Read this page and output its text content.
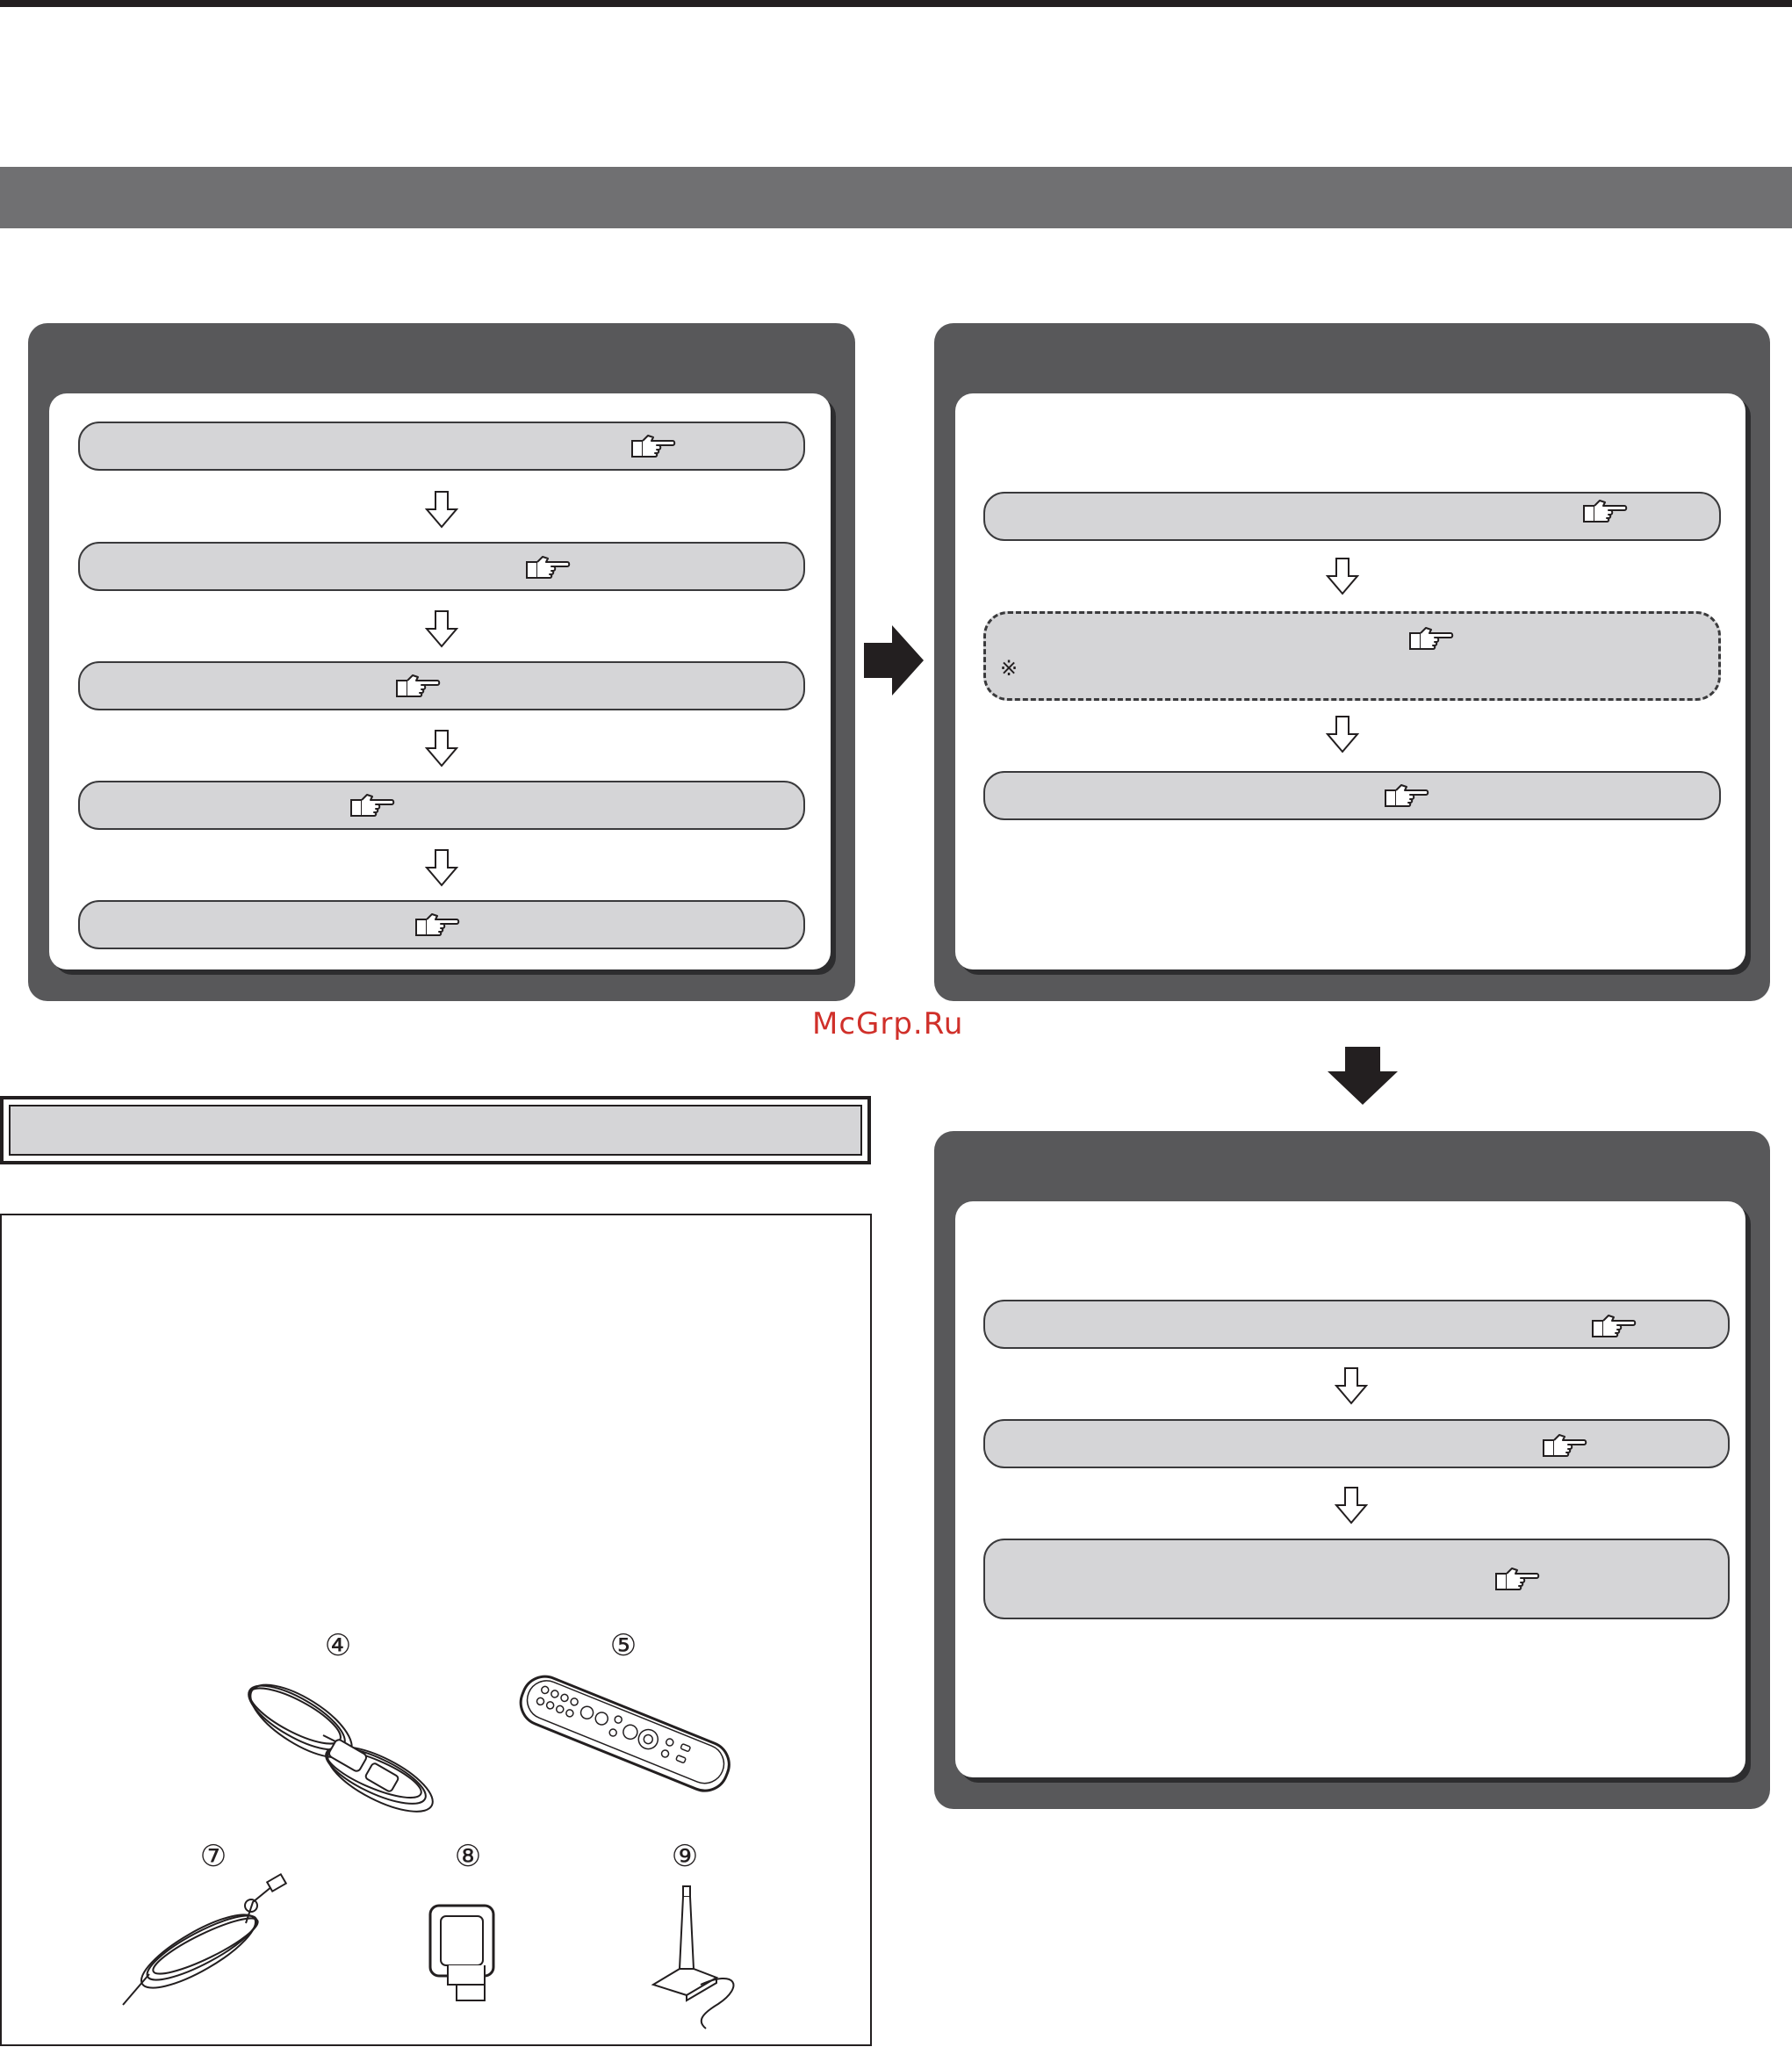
※
McGrp.Ru
④	⑤
⑦	⑧	⑨
